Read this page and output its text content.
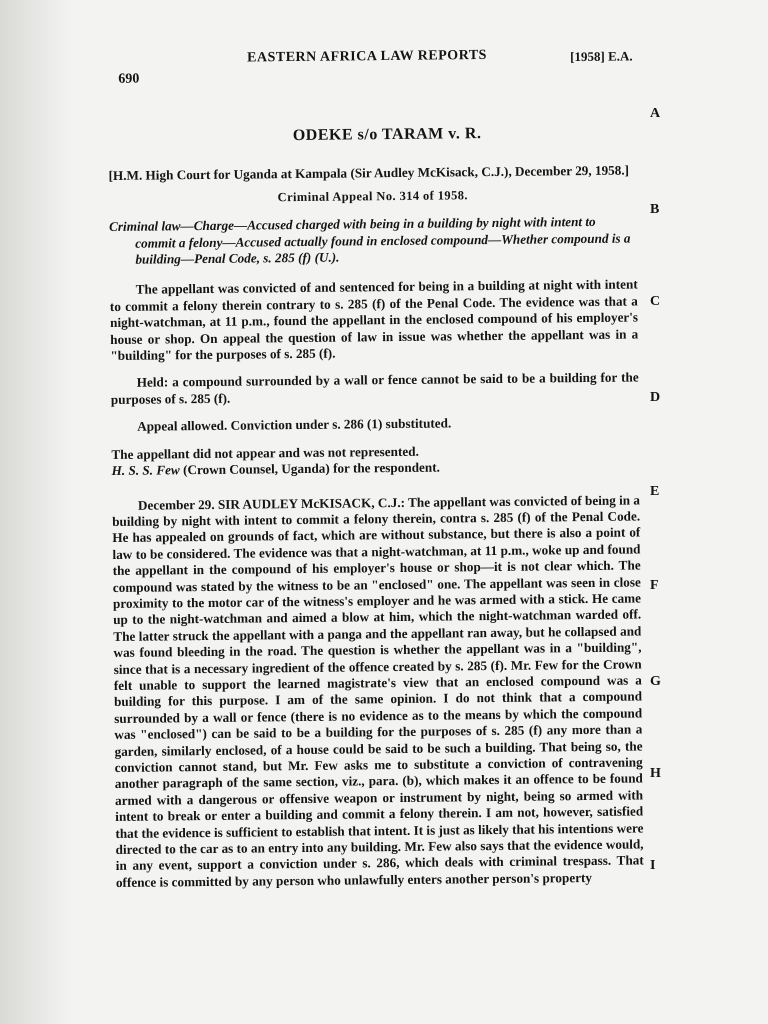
690
EASTERN AFRICA LAW REPORTS	[1958] E.A.
ODEKE s/o TARAM v. R.
[H.M. High Court for Uganda at Kampala (Sir Audley McKisack, C.J.), December 29, 1958.]
Criminal Appeal No. 314 of 1958.
Criminal law—Charge—Accused charged with being in a building by night with intent to commit a felony—Accused actually found in enclosed compound—Whether compound is a building—Penal Code, s. 285 (f) (U.).

The appellant was convicted of and sentenced for being in a building at night with intent to commit a felony therein contrary to s. 285 (f) of the Penal Code. The evidence was that a night-watchman, at 11 p.m., found the appellant in the enclosed compound of his employer's house or shop. On appeal the question of law in issue was whether the appellant was in a "building" for the purposes of s. 285 (f).

Held: a compound surrounded by a wall or fence cannot be said to be a building for the purposes of s. 285 (f).

Appeal allowed. Conviction under s. 286 (1) substituted.

The appellant did not appear and was not represented.

H. S. S. Few (Crown Counsel, Uganda) for the respondent.

December 29. SIR AUDLEY McKISACK, C.J.: The appellant was convicted of being in a building by night with intent to commit a felony therein, contra s. 285 (f) of the Penal Code. He has appealed on grounds of fact, which are without substance, but there is also a point of law to be considered. The evidence was that a night-watchman, at 11 p.m., woke up and found the appellant in the compound of his employer's house or shop—it is not clear which. The compound was stated by the witness to be an "enclosed" one. The appellant was seen in close proximity to the motor car of the witness's employer and he was armed with a stick. He came up to the night-watchman and aimed a blow at him, which the night-watchman warded off. The latter struck the appellant with a panga and the appellant ran away, but he collapsed and was found bleeding in the road. The question is whether the appellant was in a "building", since that is a necessary ingredient of the offence created by s. 285 (f). Mr. Few for the Crown felt unable to support the learned magistrate's view that an enclosed compound was a building for this purpose. I am of the same opinion. I do not think that a compound surrounded by a wall or fence (there is no evidence as to the means by which the compound was "enclosed") can be said to be a building for the purposes of s. 285 (f) any more than a garden, similarly enclosed, of a house could be said to be such a building. That being so, the conviction cannot stand, but Mr. Few asks me to substitute a conviction of contravening another paragraph of the same section, viz., para. (b), which makes it an offence to be found armed with a dangerous or offensive weapon or instrument by night, being so armed with intent to break or enter a building and commit a felony therein. I am not, however, satisfied that the evidence is sufficient to establish that intent. It is just as likely that his intentions were directed to the car as to an entry into any building. Mr. Few also says that the evidence would, in any event, support a conviction under s. 286, which deals with criminal trespass. That offence is committed by any person who unlawfully enters another person's property

A
B
C
D
E
F
G
H
I
